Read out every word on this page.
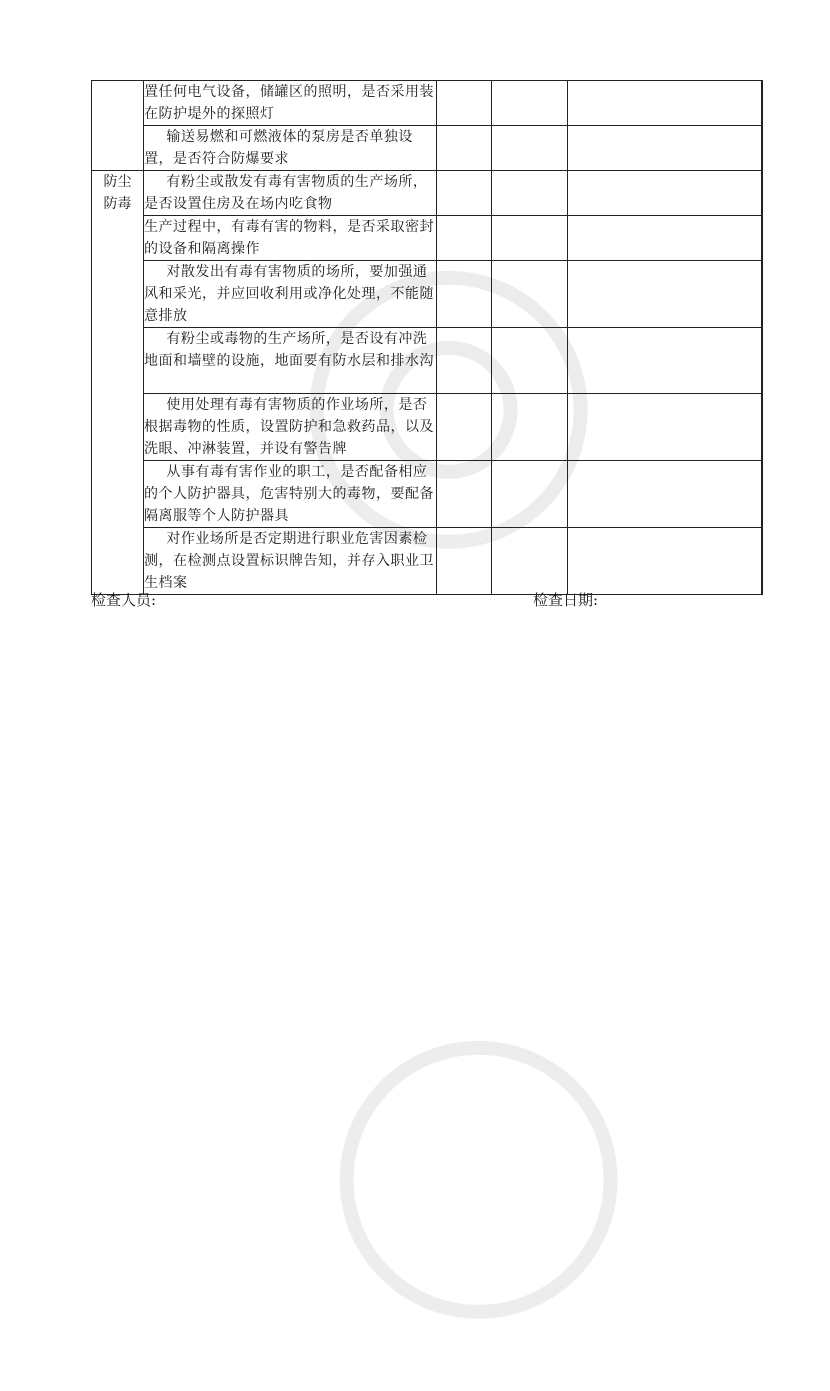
	置任何电气设备，储罐区的照明，是否采用装在防护堤外的探照灯			

	输送易燃和可燃液体的泵房是否单独设置，是否符合防爆要求			

防尘
防毒	有粉尘或散发有毒有害物质的生产场所，是否设置住房及在场内吃食物			

	生产过程中，有毒有害的物料，是否采取密封的设备和隔离操作			

	对散发出有毒有害物质的场所，要加强通风和采光，并应回收利用或净化处理，不能随意排放			

	有粉尘或毒物的生产场所，是否设有冲洗地面和墙壁的设施，地面要有防水层和排水沟			

	使用处理有毒有害物质的作业场所，是否根据毒物的性质，设置防护和急救药品，以及洗眼、冲淋装置，并设有警告牌			

	从事有毒有害作业的职工，是否配备相应的个人防护器具，危害特别大的毒物，要配备隔离服等个人防护器具			

	对作业场所是否定期进行职业危害因素检测，在检测点设置标识牌告知，并存入职业卫生档案			

检查人员:	检查日期:
